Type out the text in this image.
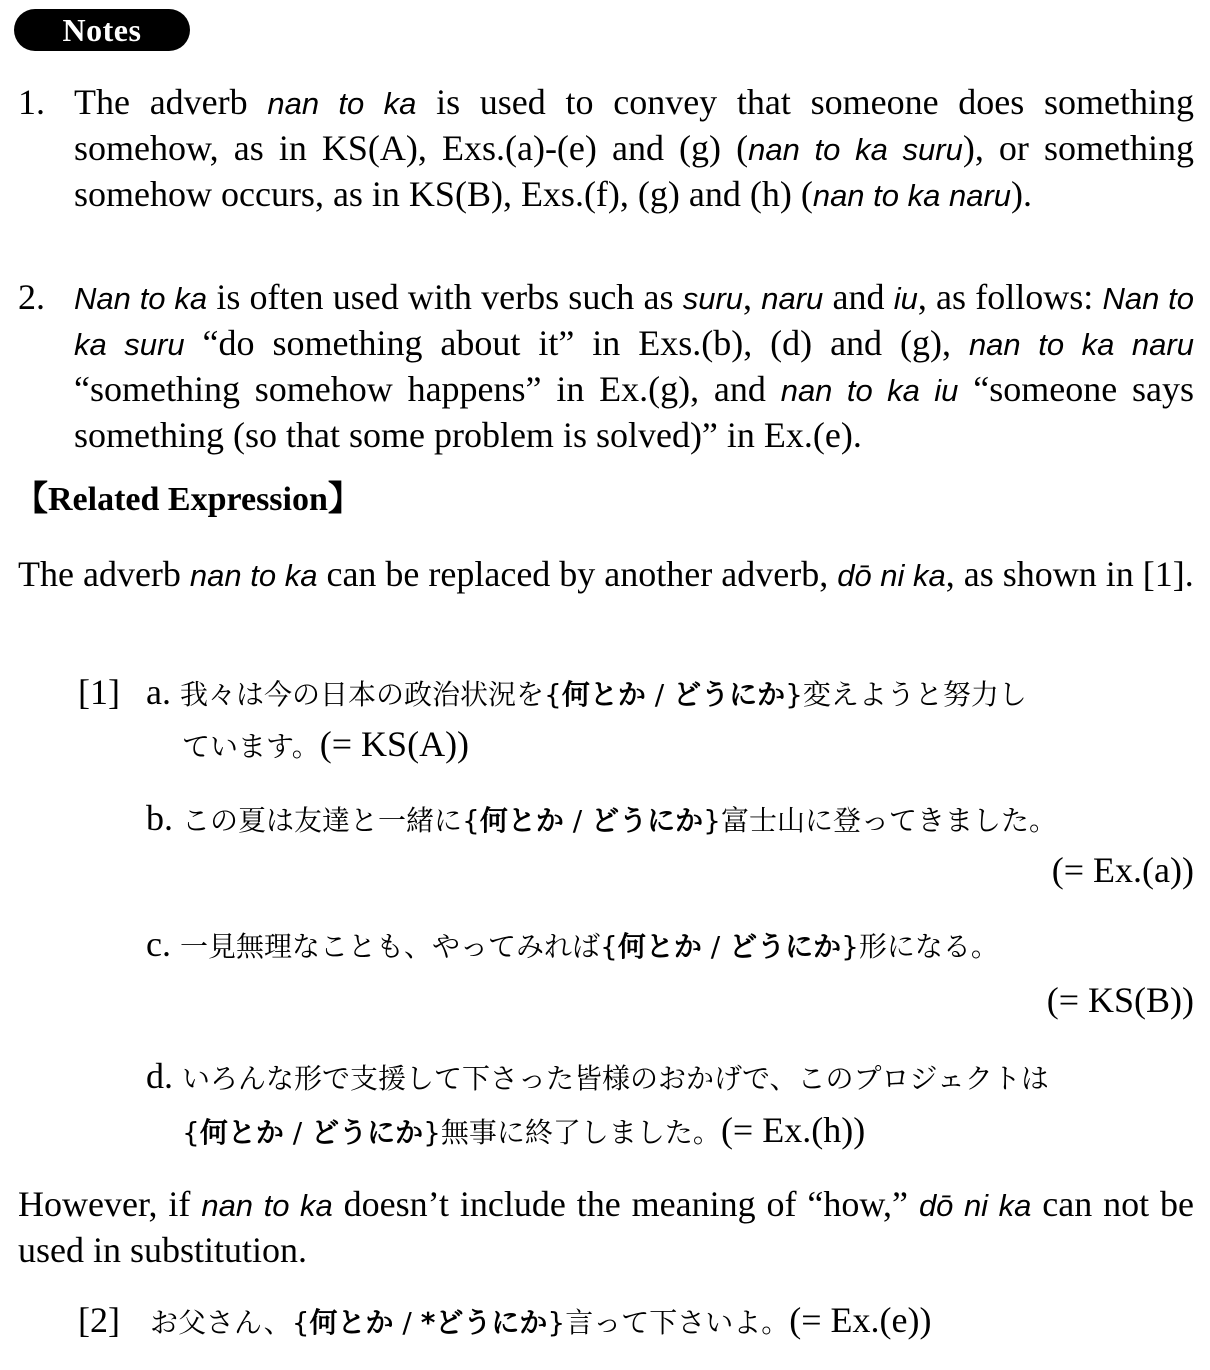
Notes
1. The adverb nan to ka is used to convey that someone does something somehow, as in KS(A), Exs.(a)-(e) and (g) (nan to ka suru), or something somehow occurs, as in KS(B), Exs.(f), (g) and (h) (nan to ka naru).
2. Nan to ka is often used with verbs such as suru, naru and iu, as follows: Nan to ka suru “do something about it” in Exs.(b), (d) and (g), nan to ka naru “something somehow happens” in Ex.(g), and nan to ka iu “someone says something (so that some problem is solved)” in Ex.(e).
【Related Expression】
The adverb nan to ka can be replaced by another adverb, dō ni ka, as shown in [1].
[1] a. 我々は今の日本の政治状況を{何とか / どうにか}変えようと努力し
ています。(= KS(A))
b. この夏は友達と一緒に{何とか / どうにか}富士山に登ってきました。
(= Ex.(a))
c. 一見無理なことも、やってみれば{何とか / どうにか}形になる。
(= KS(B))
d. いろんな形で支援して下さった皆様のおかげで、このプロジェクトは
{何とか / どうにか}無事に終了しました。(= Ex.(h))
However, if nan to ka doesn’t include the meaning of “how,” dō ni ka can not be used in substitution.
[2] お父さん、{何とか / *どうにか}言って下さいよ。(= Ex.(e))
